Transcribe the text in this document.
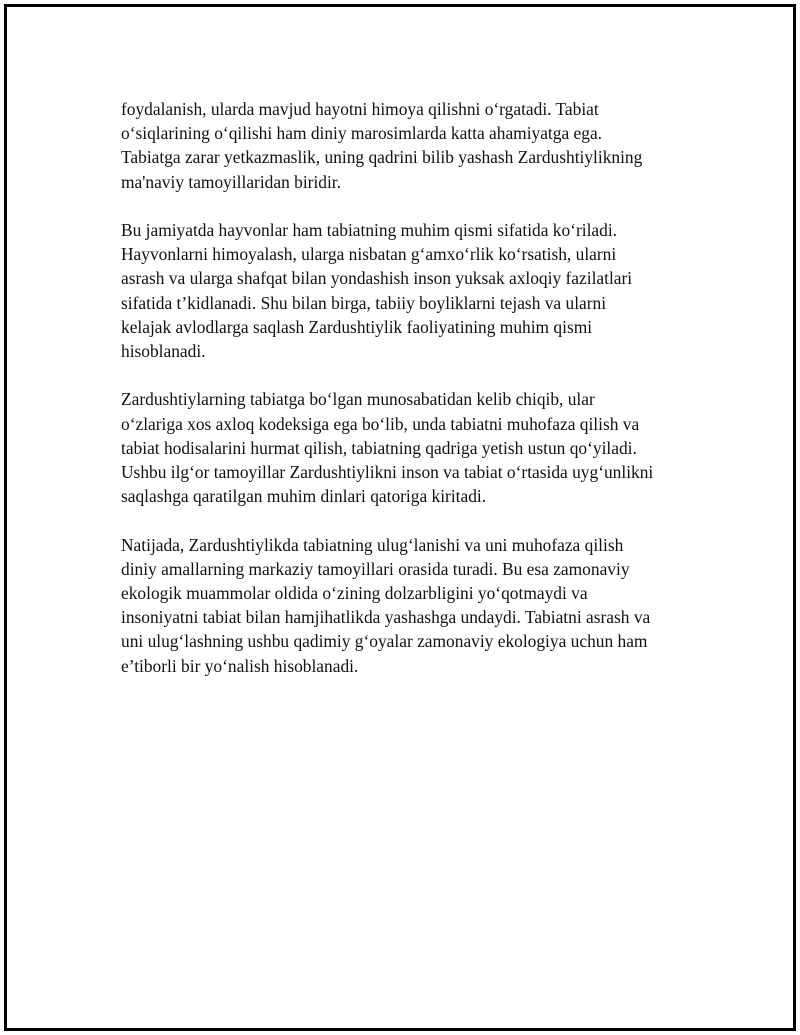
foydalanish, ularda mavjud hayotni himoya qilishni o‘rgatadi. Tabiat
o‘siqlarining o‘qilishi ham diniy marosimlarda katta ahamiyatga ega.
Tabiatga zarar yetkazmaslik, uning qadrini bilib yashash Zardushtiylikning
ma'naviy tamoyillaridan biridir.

Bu jamiyatda hayvonlar ham tabiatning muhim qismi sifatida ko‘riladi.
Hayvonlarni himoyalash, ularga nisbatan g‘amxo‘rlik ko‘rsatish, ularni
asrash va ularga shafqat bilan yondashish inson yuksak axloqiy fazilatlari
sifatida t’kidlanadi. Shu bilan birga, tabiiy boyliklarni tejash va ularni
kelajak avlodlarga saqlash Zardushtiylik faoliyatining muhim qismi
hisoblanadi.

Zardushtiylarning tabiatga bo‘lgan munosabatidan kelib chiqib, ular
o‘zlariga xos axloq kodeksiga ega bo‘lib, unda tabiatni muhofaza qilish va
tabiat hodisalarini hurmat qilish, tabiatning qadriga yetish ustun qo‘yiladi.
Ushbu ilg‘or tamoyillar Zardushtiylikni inson va tabiat o‘rtasida uyg‘unlikni
saqlashga qaratilgan muhim dinlari qatoriga kiritadi.

Natijada, Zardushtiylikda tabiatning ulug‘lanishi va uni muhofaza qilish
diniy amallarning markaziy tamoyillari orasida turadi. Bu esa zamonaviy
ekologik muammolar oldida o‘zining dolzarbligini yo‘qotmaydi va
insoniyatni tabiat bilan hamjihatlikda yashashga undaydi. Tabiatni asrash va
uni ulug‘lashning ushbu qadimiy g‘oyalar zamonaviy ekologiya uchun ham
e’tiborli bir yo‘nalish hisoblanadi.
